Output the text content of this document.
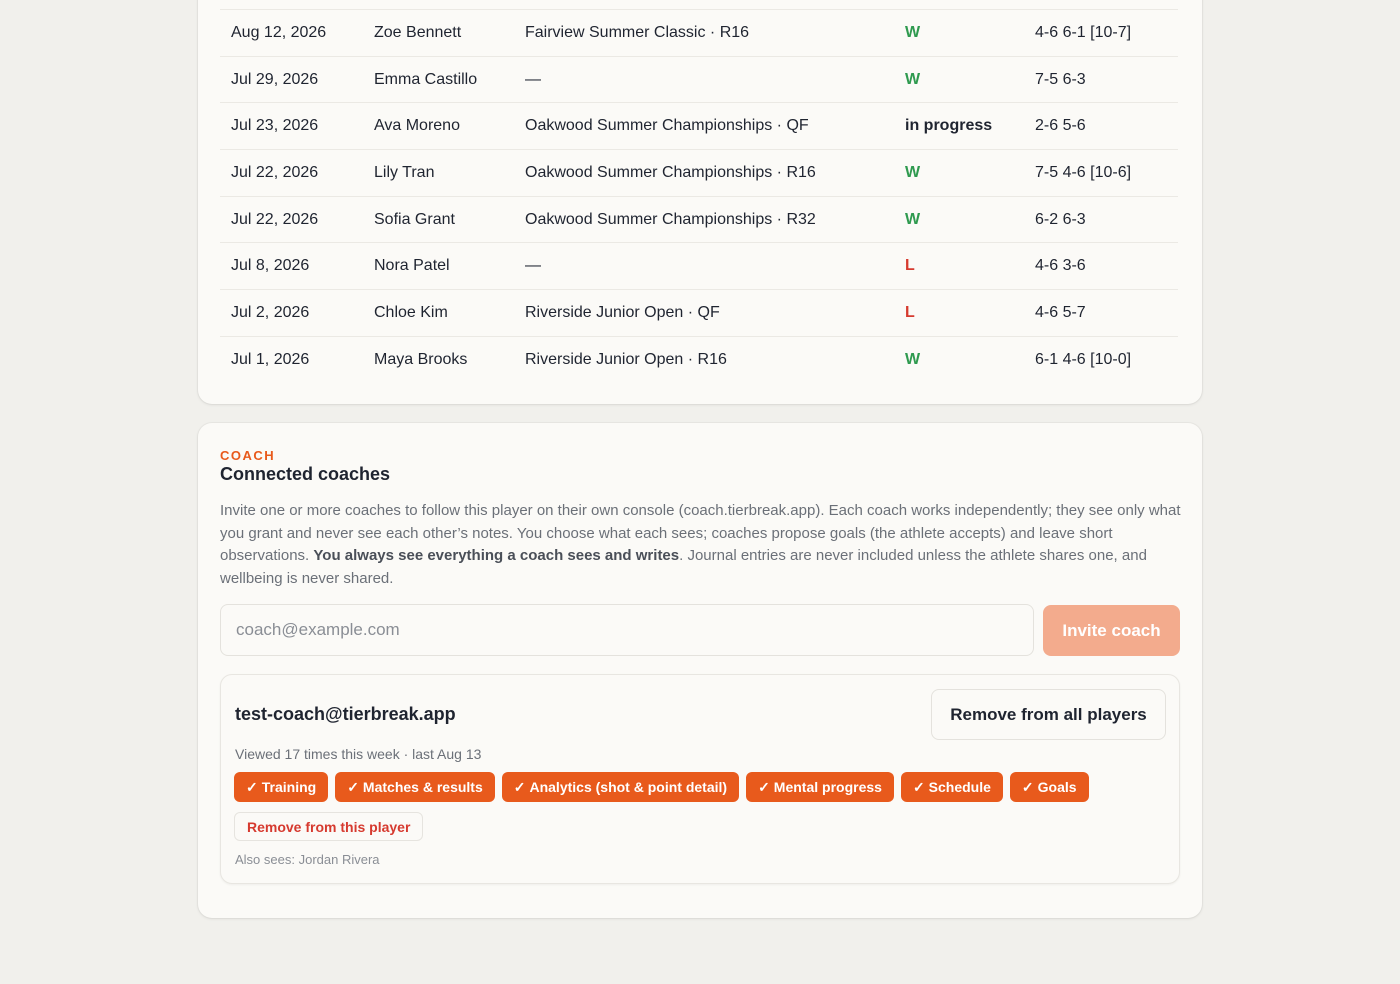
Aug 12, 2026	Zoe Bennett	Fairview Summer Classic · R16	W	4-6 6-1 [10-7]
Jul 29, 2026	Emma Castillo	—	W	7-5 6-3
Jul 23, 2026	Ava Moreno	Oakwood Summer Championships · QF	in progress	2-6 5-6
Jul 22, 2026	Lily Tran	Oakwood Summer Championships · R16	W	7-5 4-6 [10-6]
Jul 22, 2026	Sofia Grant	Oakwood Summer Championships · R32	W	6-2 6-3
Jul 8, 2026	Nora Patel	—	L	4-6 3-6
Jul 2, 2026	Chloe Kim	Riverside Junior Open · QF	L	4-6 5-7
Jul 1, 2026	Maya Brooks	Riverside Junior Open · R16	W	6-1 4-6 [10-0]
COACH
Connected coaches

Invite one or more coaches to follow this player on their own console (coach.tierbreak.app). Each coach works independently; they see only what you grant and never see each other’s notes. You choose what each sees; coaches propose goals (the athlete accepts) and leave short observations. You always see everything a coach sees and writes. Journal entries are never included unless the athlete shares one, and wellbeing is never shared.

coach@example.com
Invite coach
test-coach@tierbreak.app	Remove from all players
Viewed 17 times this week · last Aug 13
✓ Training ✓ Matches & results ✓ Analytics (shot & point detail) ✓ Mental progress ✓ Schedule ✓ Goals
Remove from this player
Also sees: Jordan Rivera
